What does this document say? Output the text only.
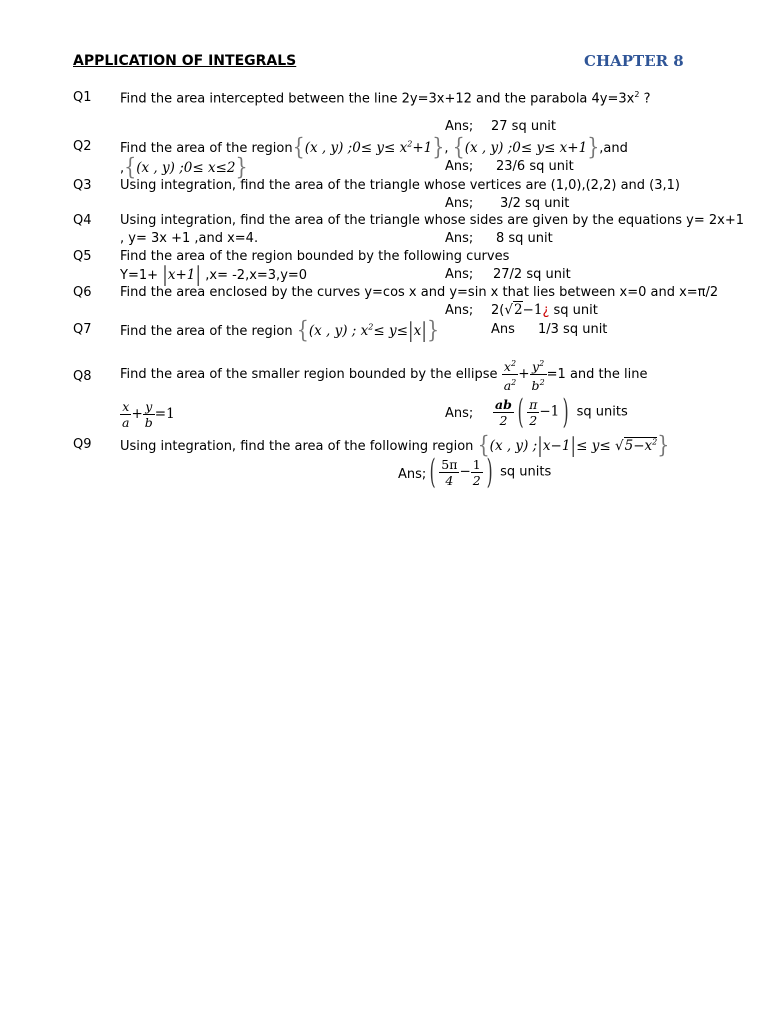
APPLICATION OF INTEGRALS	CHAPTER 8
Q1 Find the area intercepted between the line 2y=3x+12 and the parabola $4y=3x^2$ ?
Ans; 27 sq unit
Q2 Find the area of the region{(x , y) ;0≤ $y\le x^2+1$}, {(x , y) ;0≤ y≤ x+1},and
,{(x , y) ;0≤ x≤2}	Ans; 23/6 sq unit
Q3 Using integration, find the area of the triangle whose vertices are (1,0),(2,2) and (3,1)
Ans; 3/2 sq unit
Q4 Using integration, find the area of the triangle whose sides are given by the equations y= 2x+1
, y= 3x +1 ,and x=4.	Ans; 8 sq unit
Q5 Find the area of the region bounded by the following curves
Y=1+ |x+1| ,x= -2,x=3,y=0	Ans; 27/2 sq unit
Q6 Find the area enclosed by the curves y=cos x and y=sin x that lies between x=0 and x=π/2
Ans; 2(√2−1¿ sq unit
Q7 Find the area of the region {(x , y) ; $x^2\le y\le|x|$}	Ans 1/3 sq unit
Q8 Find the area of the smaller region bounded by the ellipse $\frac{x^2}{a^2} + \frac{y^2}{b^2} =1$ and the line
$\frac{x}{a} + \frac{y}{b} =1$	Ans; $\frac{ab}{2}$ ( $\frac{\pi}{2} -1$ ) sq units
Q9 Using integration, find the area of the following region {(x , y) ;|x−1|≤ $y\le √5-x^2$}
Ans; ( $\frac{5\pi}{4} - \frac{1}{2}$ ) sq units
